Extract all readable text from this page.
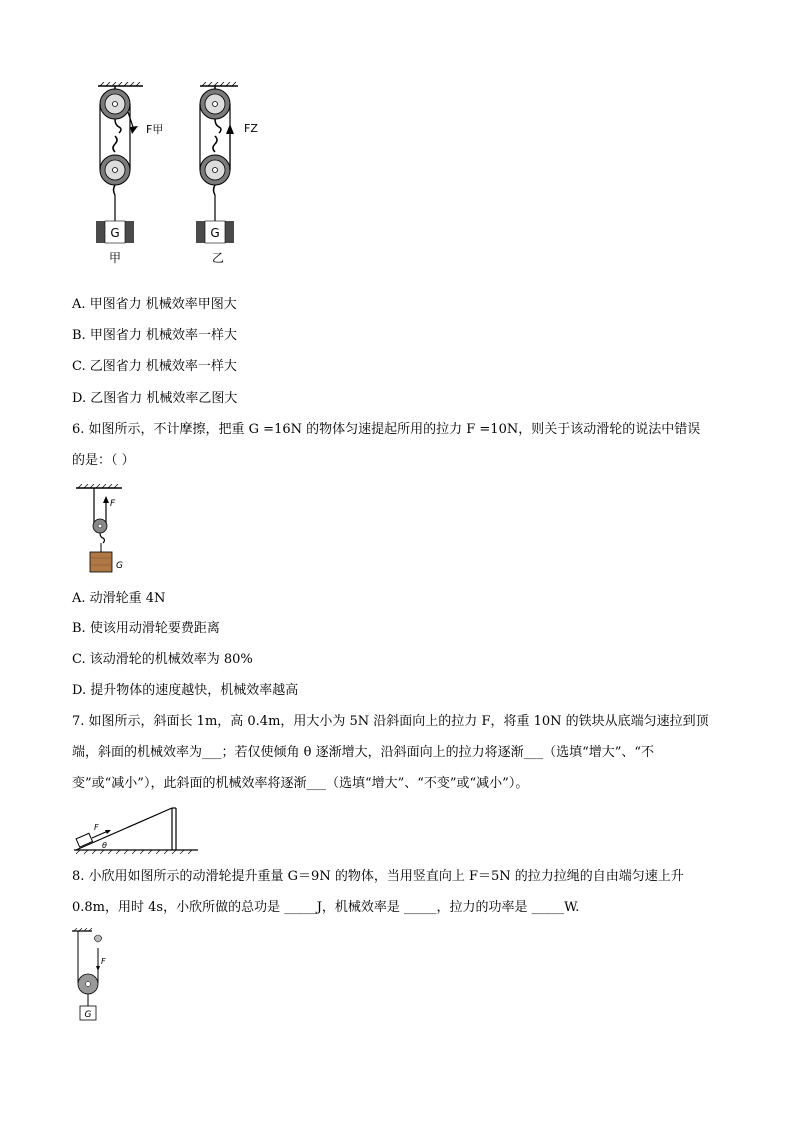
G
F甲
甲
G
FZ
乙
A. 甲图省力 机械效率甲图大
B. 甲图省力 机械效率一样大
C. 乙图省力 机械效率一样大
D. 乙图省力 机械效率乙图大
6. 如图所示，不计摩擦，把重 G =16N 的物体匀速提起所用的拉力 F =10N，则关于该动滑轮的说法中错误
的是：（ ）
F
G
A. 动滑轮重 4N
B. 使该用动滑轮要费距离
C. 该动滑轮的机械效率为 80%
D. 提升物体的速度越快，机械效率越高
7. 如图所示，斜面长 1m，高 0.4m，用大小为 5N 沿斜面向上的拉力 F，将重 10N 的铁块从底端匀速拉到顶
端，斜面的机械效率为___；若仅使倾角 θ 逐渐增大，沿斜面向上的拉力将逐渐___（选填“增大”、“不
变”或“减小”），此斜面的机械效率将逐渐___（选填“增大”、“不变”或“减小”）。
F
θ
8. 小欣用如图所示的动滑轮提升重量 G＝9N 的物体，当用竖直向上 F＝5N 的拉力拉绳的自由端匀速上升
0.8m，用时 4s，小欣所做的总功是 _____J，机械效率是 _____，拉力的功率是 _____W.
F
G
